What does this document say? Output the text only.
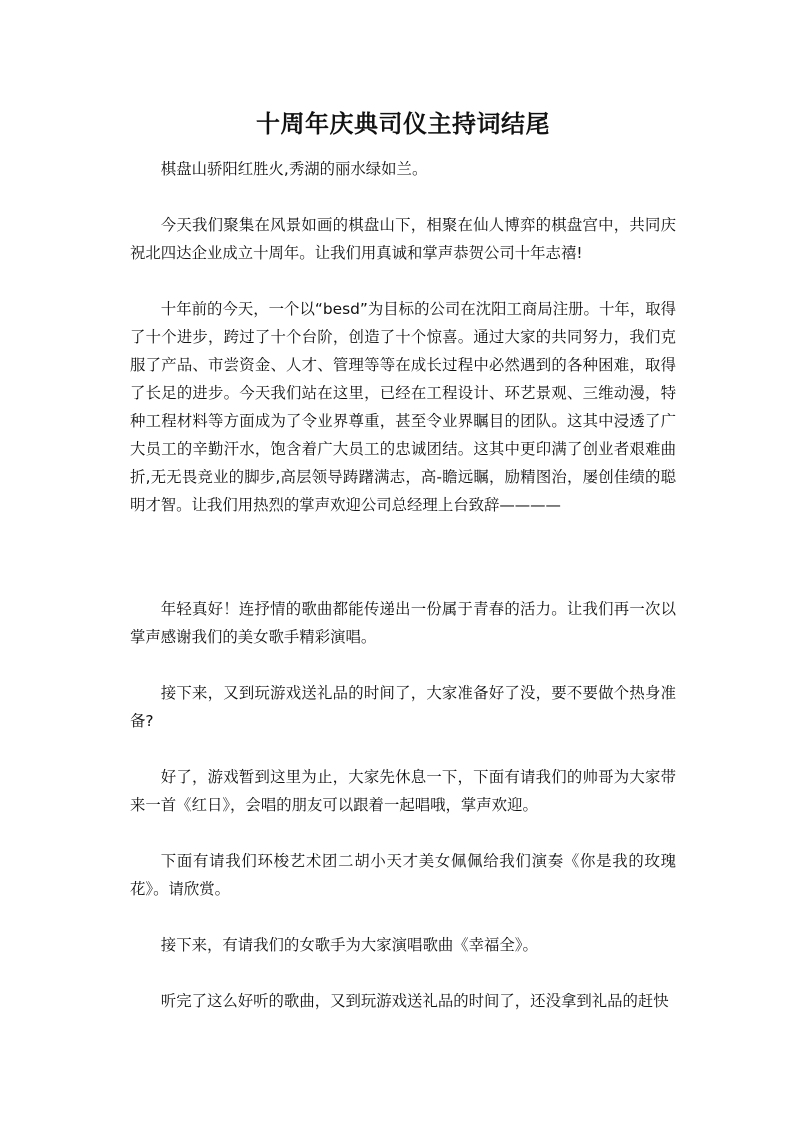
十周年庆典司仪主持词结尾

棋盘山骄阳红胜火,秀湖的丽水绿如兰。

今天我们聚集在风景如画的棋盘山下，相聚在仙人博弈的棋盘宫中，共同庆祝北四达企业成立十周年。让我们用真诚和掌声恭贺公司十年志禧!

十年前的今天，一个以“besd”为目标的公司在沈阳工商局注册。十年，取得了十个进步，跨过了十个台阶，创造了十个惊喜。通过大家的共同努力，我们克服了产品、市尝资金、人才、管理等等在成长过程中必然遇到的各种困难，取得了长足的进步。今天我们站在这里，已经在工程设计、环艺景观、三维动漫，特种工程材料等方面成为了令业界尊重，甚至令业界瞩目的团队。这其中浸透了广大员工的辛勤汗水，饱含着广大员工的忠诚团结。这其中更印满了创业者艰难曲折,无无畏竞业的脚步,高层领导踌躇满志，高-瞻远瞩，励精图治，屡创佳绩的聪明才智。让我们用热烈的掌声欢迎公司总经理上台致辞————

年轻真好！连抒情的歌曲都能传递出一份属于青春的活力。让我们再一次以掌声感谢我们的美女歌手精彩演唱。

接下来，又到玩游戏送礼品的时间了，大家准备好了没，要不要做个热身准备?

好了，游戏暂到这里为止，大家先休息一下，下面有请我们的帅哥为大家带来一首《红日》，会唱的朋友可以跟着一起唱哦，掌声欢迎。

下面有请我们环梭艺术团二胡小天才美女佩佩给我们演奏《你是我的玫瑰花》。请欣赏。

接下来，有请我们的女歌手为大家演唱歌曲《幸福全》。

听完了这么好听的歌曲，又到玩游戏送礼品的时间了，还没拿到礼品的赶快
